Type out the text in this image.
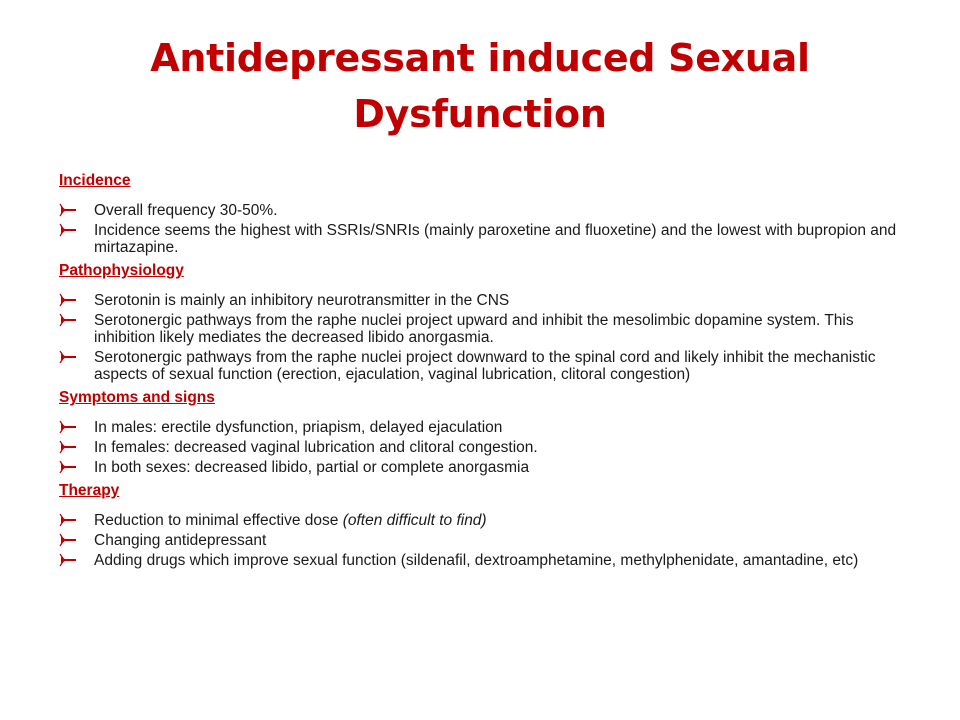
Antidepressant induced Sexual Dysfunction
Incidence
Overall frequency 30-50%.
Incidence seems the highest with SSRIs/SNRIs (mainly paroxetine and fluoxetine) and the lowest with bupropion and mirtazapine.
Pathophysiology
Serotonin is mainly an inhibitory neurotransmitter in the CNS
Serotonergic pathways from the raphe nuclei project upward and inhibit the mesolimbic dopamine system. This inhibition likely mediates the decreased libido anorgasmia.
Serotonergic pathways from the raphe nuclei project downward to the spinal cord and likely inhibit the mechanistic aspects of sexual function (erection, ejaculation, vaginal lubrication, clitoral congestion)
Symptoms and signs
In males: erectile dysfunction, priapism, delayed ejaculation
In females: decreased vaginal lubrication and clitoral congestion.
In both sexes: decreased libido, partial or complete anorgasmia
Therapy
Reduction to minimal effective dose (often difficult to find)
Changing antidepressant
Adding drugs which improve sexual function (sildenafil, dextroamphetamine, methylphenidate, amantadine, etc)
